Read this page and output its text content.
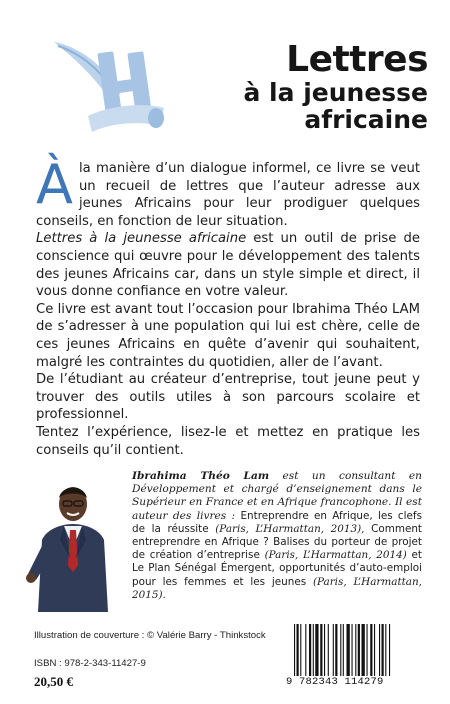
Lettres
à la jeunesse
africaine

À la manière d’un dialogue informel, ce livre se veut un recueil de lettres que l’auteur adresse aux jeunes Africains pour leur prodiguer quelques conseils, en fonction de leur situation.

Lettres à la jeunesse africaine est un outil de prise de conscience qui œuvre pour le développement des talents des jeunes Africains car, dans un style simple et direct, il vous donne confiance en votre valeur.

Ce livre est avant tout l’occasion pour Ibrahima Théo LAM de s’adresser à une population qui lui est chère, celle de ces jeunes Africains en quête d’avenir qui souhaitent, malgré les contraintes du quotidien, aller de l’avant.

De l’étudiant au créateur d’entreprise, tout jeune peut y trouver des outils utiles à son parcours scolaire et professionnel.

Tentez l’expérience, lisez-le et mettez en pratique les conseils qu’il contient.

Ibrahima Théo Lam est un consultant en Développement et chargé d’enseignement dans le Supérieur en France et en Afrique francophone. Il est auteur des livres : Entreprendre en Afrique, les clefs de la réussite (Paris, L’Harmattan, 2013), Comment entreprendre en Afrique ? Balises du porteur de projet de création d’entreprise (Paris, L’Harmattan, 2014) et Le Plan Sénégal Émergent, opportunités d’auto-emploi pour les femmes et les jeunes (Paris, L’Harmattan, 2015).
Illustration de couverture : © Valérie Barry - Thinkstock
ISBN : 978-2-343-11427-9
20,50 €	9 782343 114279
